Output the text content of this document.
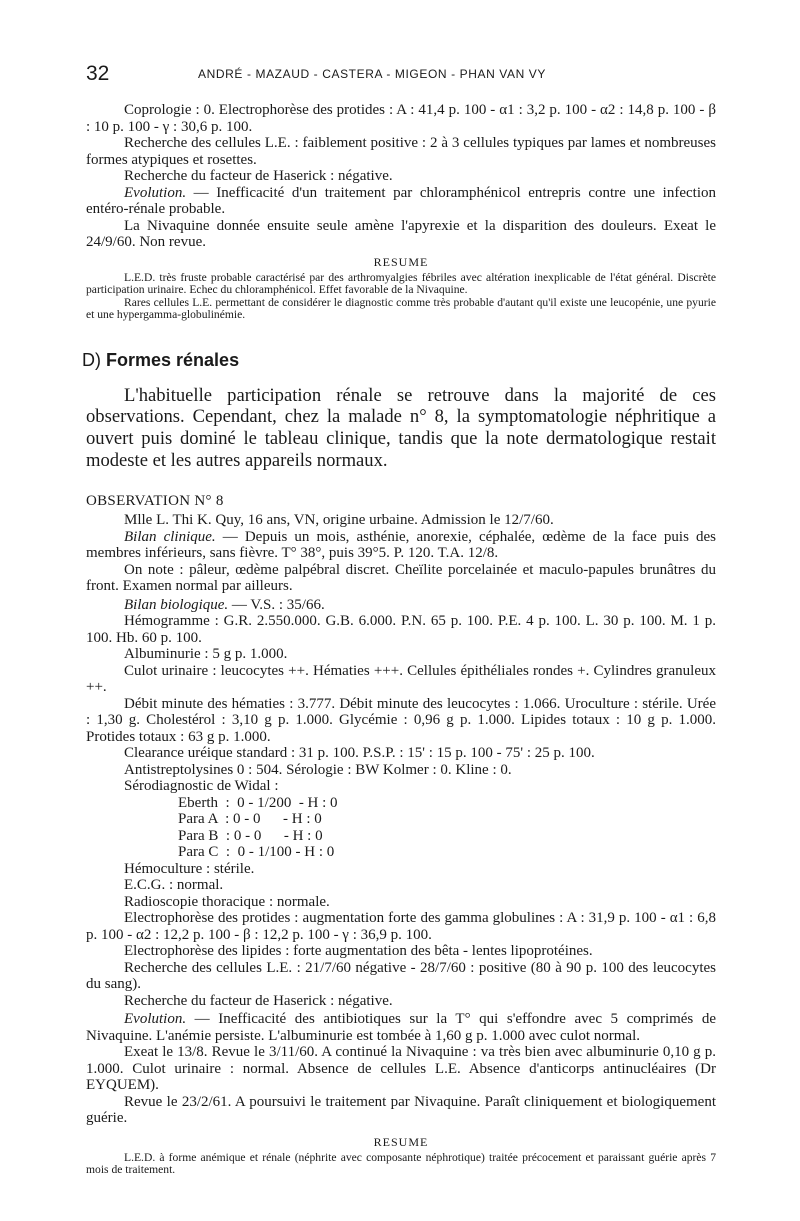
32	ANDRÉ - MAZAUD - CASTERA - MIGEON - PHAN VAN VY

Coprologie : 0. Electrophorèse des protides : A : 41,4 p. 100 - α1 : 3,2 p. 100 - α2 : 14,8 p. 100 - β : 10 p. 100 - γ : 30,6 p. 100.

Recherche des cellules L.E. : faiblement positive : 2 à 3 cellules typiques par lames et nombreuses formes atypiques et rosettes.

Recherche du facteur de Haserick : négative.

Evolution. — Inefficacité d'un traitement par chloramphénicol entrepris contre une infection entéro-rénale probable.

La Nivaquine donnée ensuite seule amène l'apyrexie et la disparition des douleurs. Exeat le 24/9/60. Non revue.

RESUME

L.E.D. très fruste probable caractérisé par des arthromyalgies fébriles avec altération inexplicable de l'état général. Discrète participation urinaire. Echec du chloramphénicol. Effet favorable de la Nivaquine.

Rares cellules L.E. permettant de considérer le diagnostic comme très probable d'autant qu'il existe une leucopénie, une pyurie et une hypergamma-globulinémie.

D) Formes rénales

L'habituelle participation rénale se retrouve dans la majorité de ces observations. Cependant, chez la malade n° 8, la symptomatologie néphritique a ouvert puis dominé le tableau clinique, tandis que la note dermatologique restait modeste et les autres appareils normaux.

OBSERVATION N° 8

Mlle L. Thi K. Quy, 16 ans, VN, origine urbaine. Admission le 12/7/60.

Bilan clinique. — Depuis un mois, asthénie, anorexie, céphalée, œdème de la face puis des membres inférieurs, sans fièvre. T° 38°, puis 39°5. P. 120. T.A. 12/8.

On note : pâleur, œdème palpébral discret. Cheïlite porcelainée et maculo-papules brunâtres du front. Examen normal par ailleurs.

Bilan biologique. — V.S. : 35/66.

Hémogramme : G.R. 2.550.000. G.B. 6.000. P.N. 65 p. 100. P.E. 4 p. 100. L. 30 p. 100. M. 1 p. 100. Hb. 60 p. 100.

Albuminurie : 5 g p. 1.000.

Culot urinaire : leucocytes ++. Hématies +++. Cellules épithéliales rondes +. Cylindres granuleux ++.

Débit minute des hématies : 3.777. Débit minute des leucocytes : 1.066. Uroculture : stérile. Urée : 1,30 g. Cholestérol : 3,10 g p. 1.000. Glycémie : 0,96 g p. 1.000. Lipides totaux : 10 g p. 1.000. Protides totaux : 63 g p. 1.000.

Clearance uréique standard : 31 p. 100. P.S.P. : 15' : 15 p. 100 - 75' : 25 p. 100.

Antistreptolysines 0 : 504. Sérologie : BW Kolmer : 0. Kline : 0.

Sérodiagnostic de Widal :

Eberth  :  0 - 1/200  - H : 0

Para A  : 0 - 0      - H : 0

Para B  : 0 - 0      - H : 0

Para C  :  0 - 1/100 - H : 0

Hémoculture : stérile.

E.C.G. : normal.

Radioscopie thoracique : normale.

Electrophorèse des protides : augmentation forte des gamma globulines : A : 31,9 p. 100 - α1 : 6,8 p. 100 - α2 : 12,2 p. 100 - β : 12,2 p. 100 - γ : 36,9 p. 100.

Electrophorèse des lipides : forte augmentation des bêta - lentes lipoprotéines.

Recherche des cellules L.E. : 21/7/60 négative - 28/7/60 : positive (80 à 90 p. 100 des leucocytes du sang).

Recherche du facteur de Haserick : négative.

Evolution. — Inefficacité des antibiotiques sur la T° qui s'effondre avec 5 comprimés de Nivaquine. L'anémie persiste. L'albuminurie est tombée à 1,60 g p. 1.000 avec culot normal.

Exeat le 13/8. Revue le 3/11/60. A continué la Nivaquine : va très bien avec albuminurie 0,10 g p. 1.000. Culot urinaire : normal. Absence de cellules L.E. Absence d'anticorps antinucléaires (Dr EYQUEM).

Revue le 23/2/61. A poursuivi le traitement par Nivaquine. Paraît cliniquement et biologiquement guérie.

RESUME

L.E.D. à forme anémique et rénale (néphrite avec composante néphrotique) traitée précocement et paraissant guérie après 7 mois de traitement.
